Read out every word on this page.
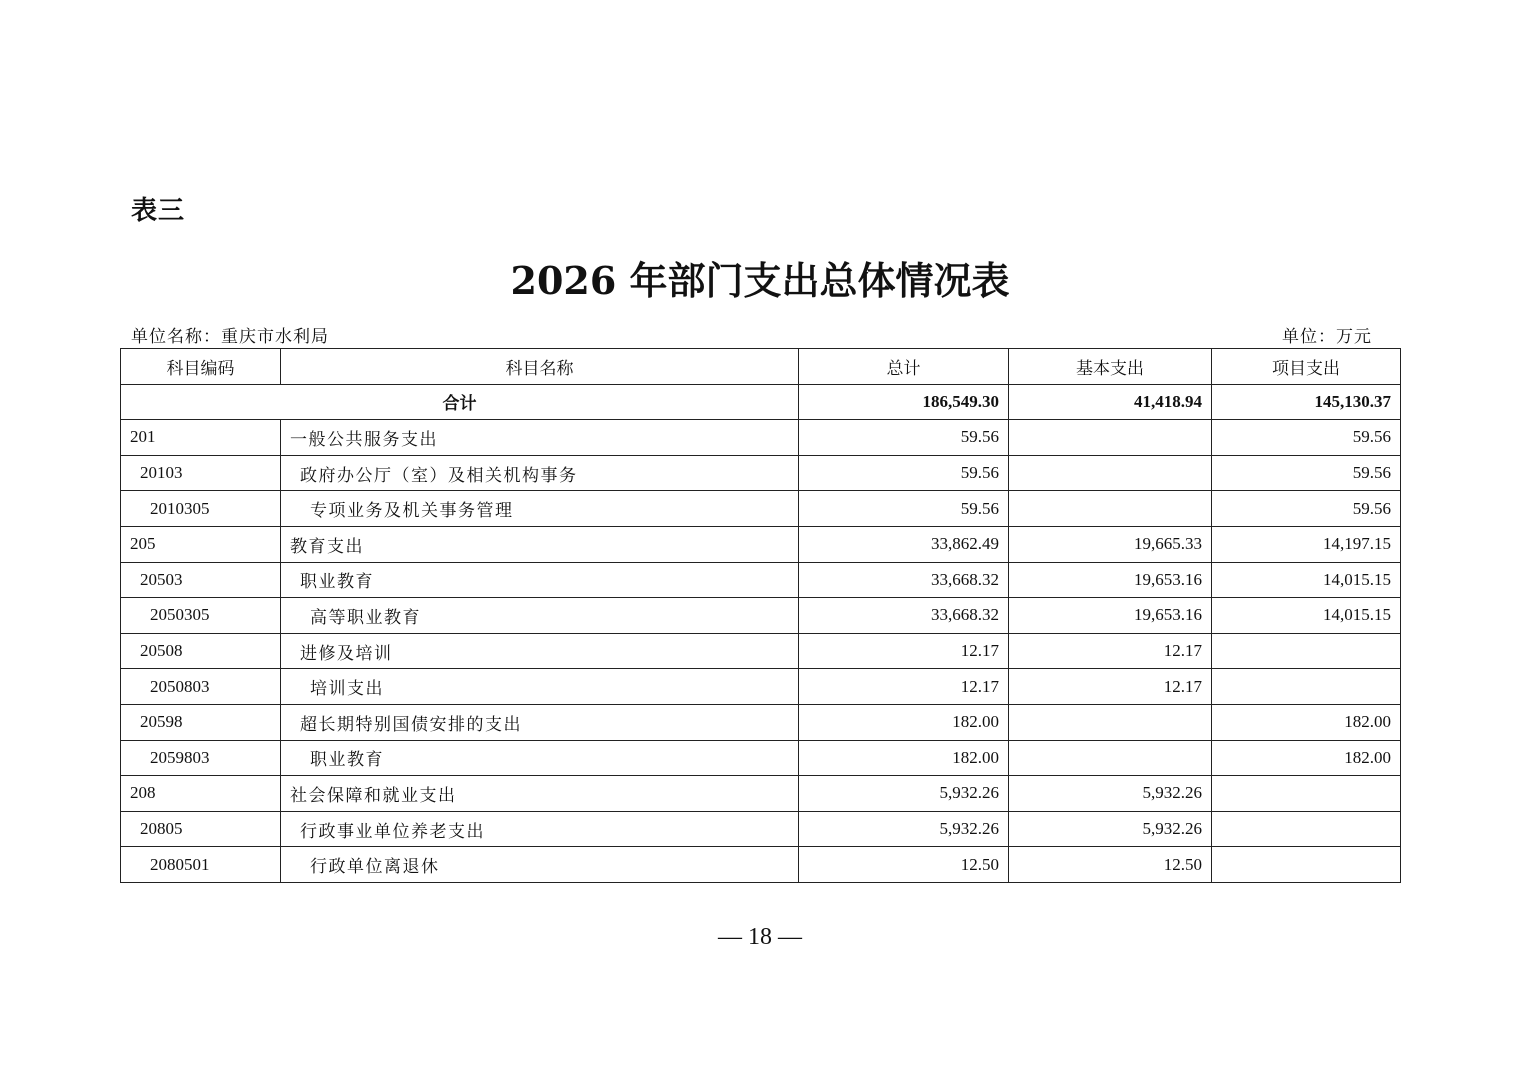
表三
2026 年部门支出总体情况表
单位名称：重庆市水利局	单位：万元
科目编码	科目名称	总计	基本支出	项目支出
合计		186,549.30	41,418.94	145,130.37
201	一般公共服务支出	59.56		59.56
20103	政府办公厅（室）及相关机构事务	59.56		59.56
2010305	专项业务及机关事务管理	59.56		59.56
205	教育支出	33,862.49	19,665.33	14,197.15
20503	职业教育	33,668.32	19,653.16	14,015.15
2050305	高等职业教育	33,668.32	19,653.16	14,015.15
20508	进修及培训	12.17	12.17	
2050803	培训支出	12.17	12.17	
20598	超长期特别国债安排的支出	182.00		182.00
2059803	职业教育	182.00		182.00
208	社会保障和就业支出	5,932.26	5,932.26	
20805	行政事业单位养老支出	5,932.26	5,932.26	
2080501	行政单位离退休	12.50	12.50	
— 18 —
